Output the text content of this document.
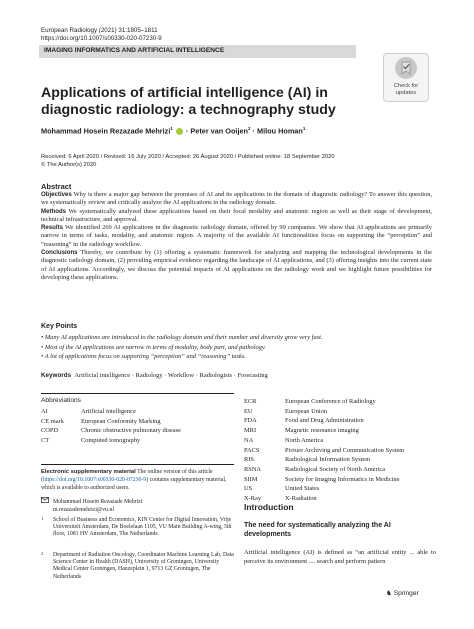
European Radiology (2021) 31:1805–1811
https://doi.org/10.1007/s00330-020-07230-9
IMAGING INFORMATICS AND ARTIFICIAL INTELLIGENCE
Check for
updates
Applications of artificial intelligence (AI) in diagnostic radiology: a technography study
Mohammad Hosein Rezazade Mehrizi$^1$  · Peter van Ooijen$^2$ · Milou Homan$^1$
Received: 6 April 2020 / Revised: 16 July 2020 / Accepted: 26 August 2020 / Published online: 18 September 2020
© The Author(s) 2020
Abstract

Objectives Why is there a major gap between the promises of AI and its applications in the domain of diagnostic radiology? To answer this question, we systematically review and critically analyze the AI applications in the radiology domain.

Methods We systematically analyzed these applications based on their focal modality and anatomic region as well as their stage of development, technical infrastructure, and approval.

Results We identified 269 AI applications in the diagnostic radiology domain, offered by 99 companies. We show that AI applications are primarily narrow in terms of tasks, modality, and anatomic region. A majority of the available AI functionalities focus on supporting the “perception” and “reasoning” in the radiology workflow.

Conclusions Thereby, we contribute by (1) offering a systematic framework for analyzing and mapping the technological developments in the diagnostic radiology domain, (2) providing empirical evidence regarding the landscape of AI applications, and (3) offering insights into the current state of AI applications. Accordingly, we discuss the potential impacts of AI applications on the radiology work and we highlight future possibilities for developing these applications.

Key Points
• Many AI applications are introduced to the radiology domain and their number and diversity grow very fast.
• Most of the AI applications are narrow in terms of modality, body part, and pathology.
• A lot of applications focus on supporting “perception” and “reasoning” tasks.
Keywords Artificial intelligence · Radiology · Workflow · Radiologists · Forecasting
Abbreviations
AI	Artificial intelligence
CE mark	European Conformity Marking
COPD	Chronic obstructive pulmonary disease
CT	Computed tomography
ECR	European Conference of Radiology
EU	European Union
FDA	Food and Drug Administration
MRI	Magnetic resonance imaging
NA	North America
PACS	Picture Archiving and Communication System
RIS	Radiological Information System
RSNA	Radiological Society of North America
SIIM	Society for Imaging Informatics in Medicine
US	United States
X-Ray	X-Radiation
Electronic supplementary material The online version of this article (https://doi.org/10.1007/s00330-020-07230-9) contains supplementary material, which is available to authorized users.
Mohammad Hosein Rezazade Mehrizi
m.rezazademehrizi@vu.nl
1	School of Business and Economics, KIN Center for Digital Innovation, Vrije Universiteit Amsterdam, De Boelelaan 1105, VU Main Building A-wing, 5th floor, 1081 HV Amsterdam, The Netherlands
2	Department of Radiation Oncology, Coordinator Machine Learning Lab, Data Science Center in Health (DASH), University of Groningen, University Medical Center Groningen, Hanzeplein 1, 9713 GZ Groningen, The Netherlands
Introduction
The need for systematically analyzing the AI developments
Artificial intelligence (AI) is defined as “an artificial entity ... able to perceive its environment .... search and perform pattern
♞ Springer
